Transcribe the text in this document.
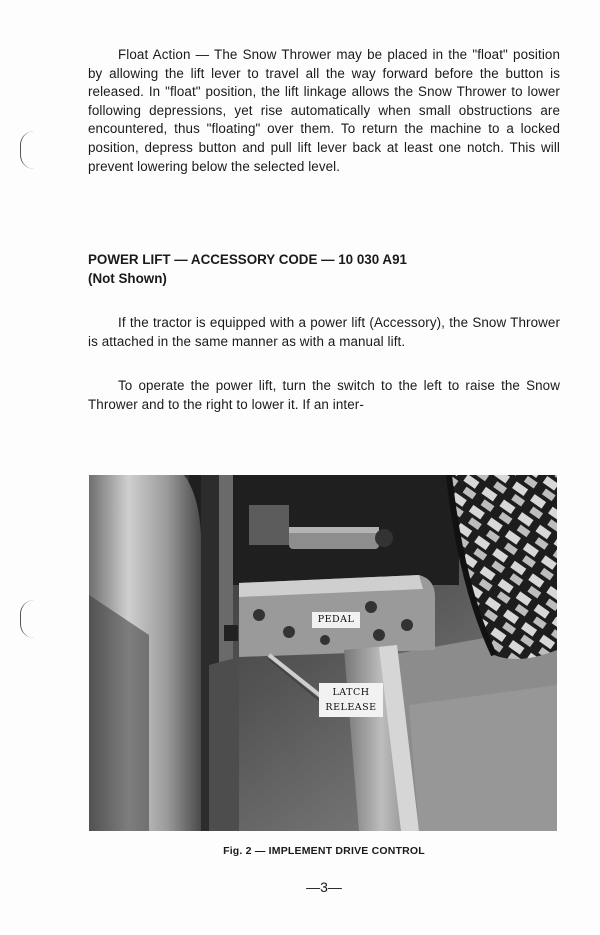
Float Action — The Snow Thrower may be placed in the "float" position by allowing the lift lever to travel all the way forward before the button is released. In "float" position, the lift linkage allows the Snow Thrower to lower following depressions, yet rise automatically when small obstructions are encountered, thus "floating" over them. To return the machine to a locked position, depress button and pull lift lever back at least one notch. This will prevent lowering below the selected level.

POWER LIFT — ACCESSORY CODE — 10 030 A91
(Not Shown)

If the tractor is equipped with a power lift (Accessory), the Snow Thrower is attached in the same manner as with a manual lift.

To operate the power lift, turn the switch to the left to raise the Snow Thrower and to the right to lower it. If an inter-

PEDAL
LATCH
RELEASE
Fig. 2 — IMPLEMENT DRIVE CONTROL
—3—
